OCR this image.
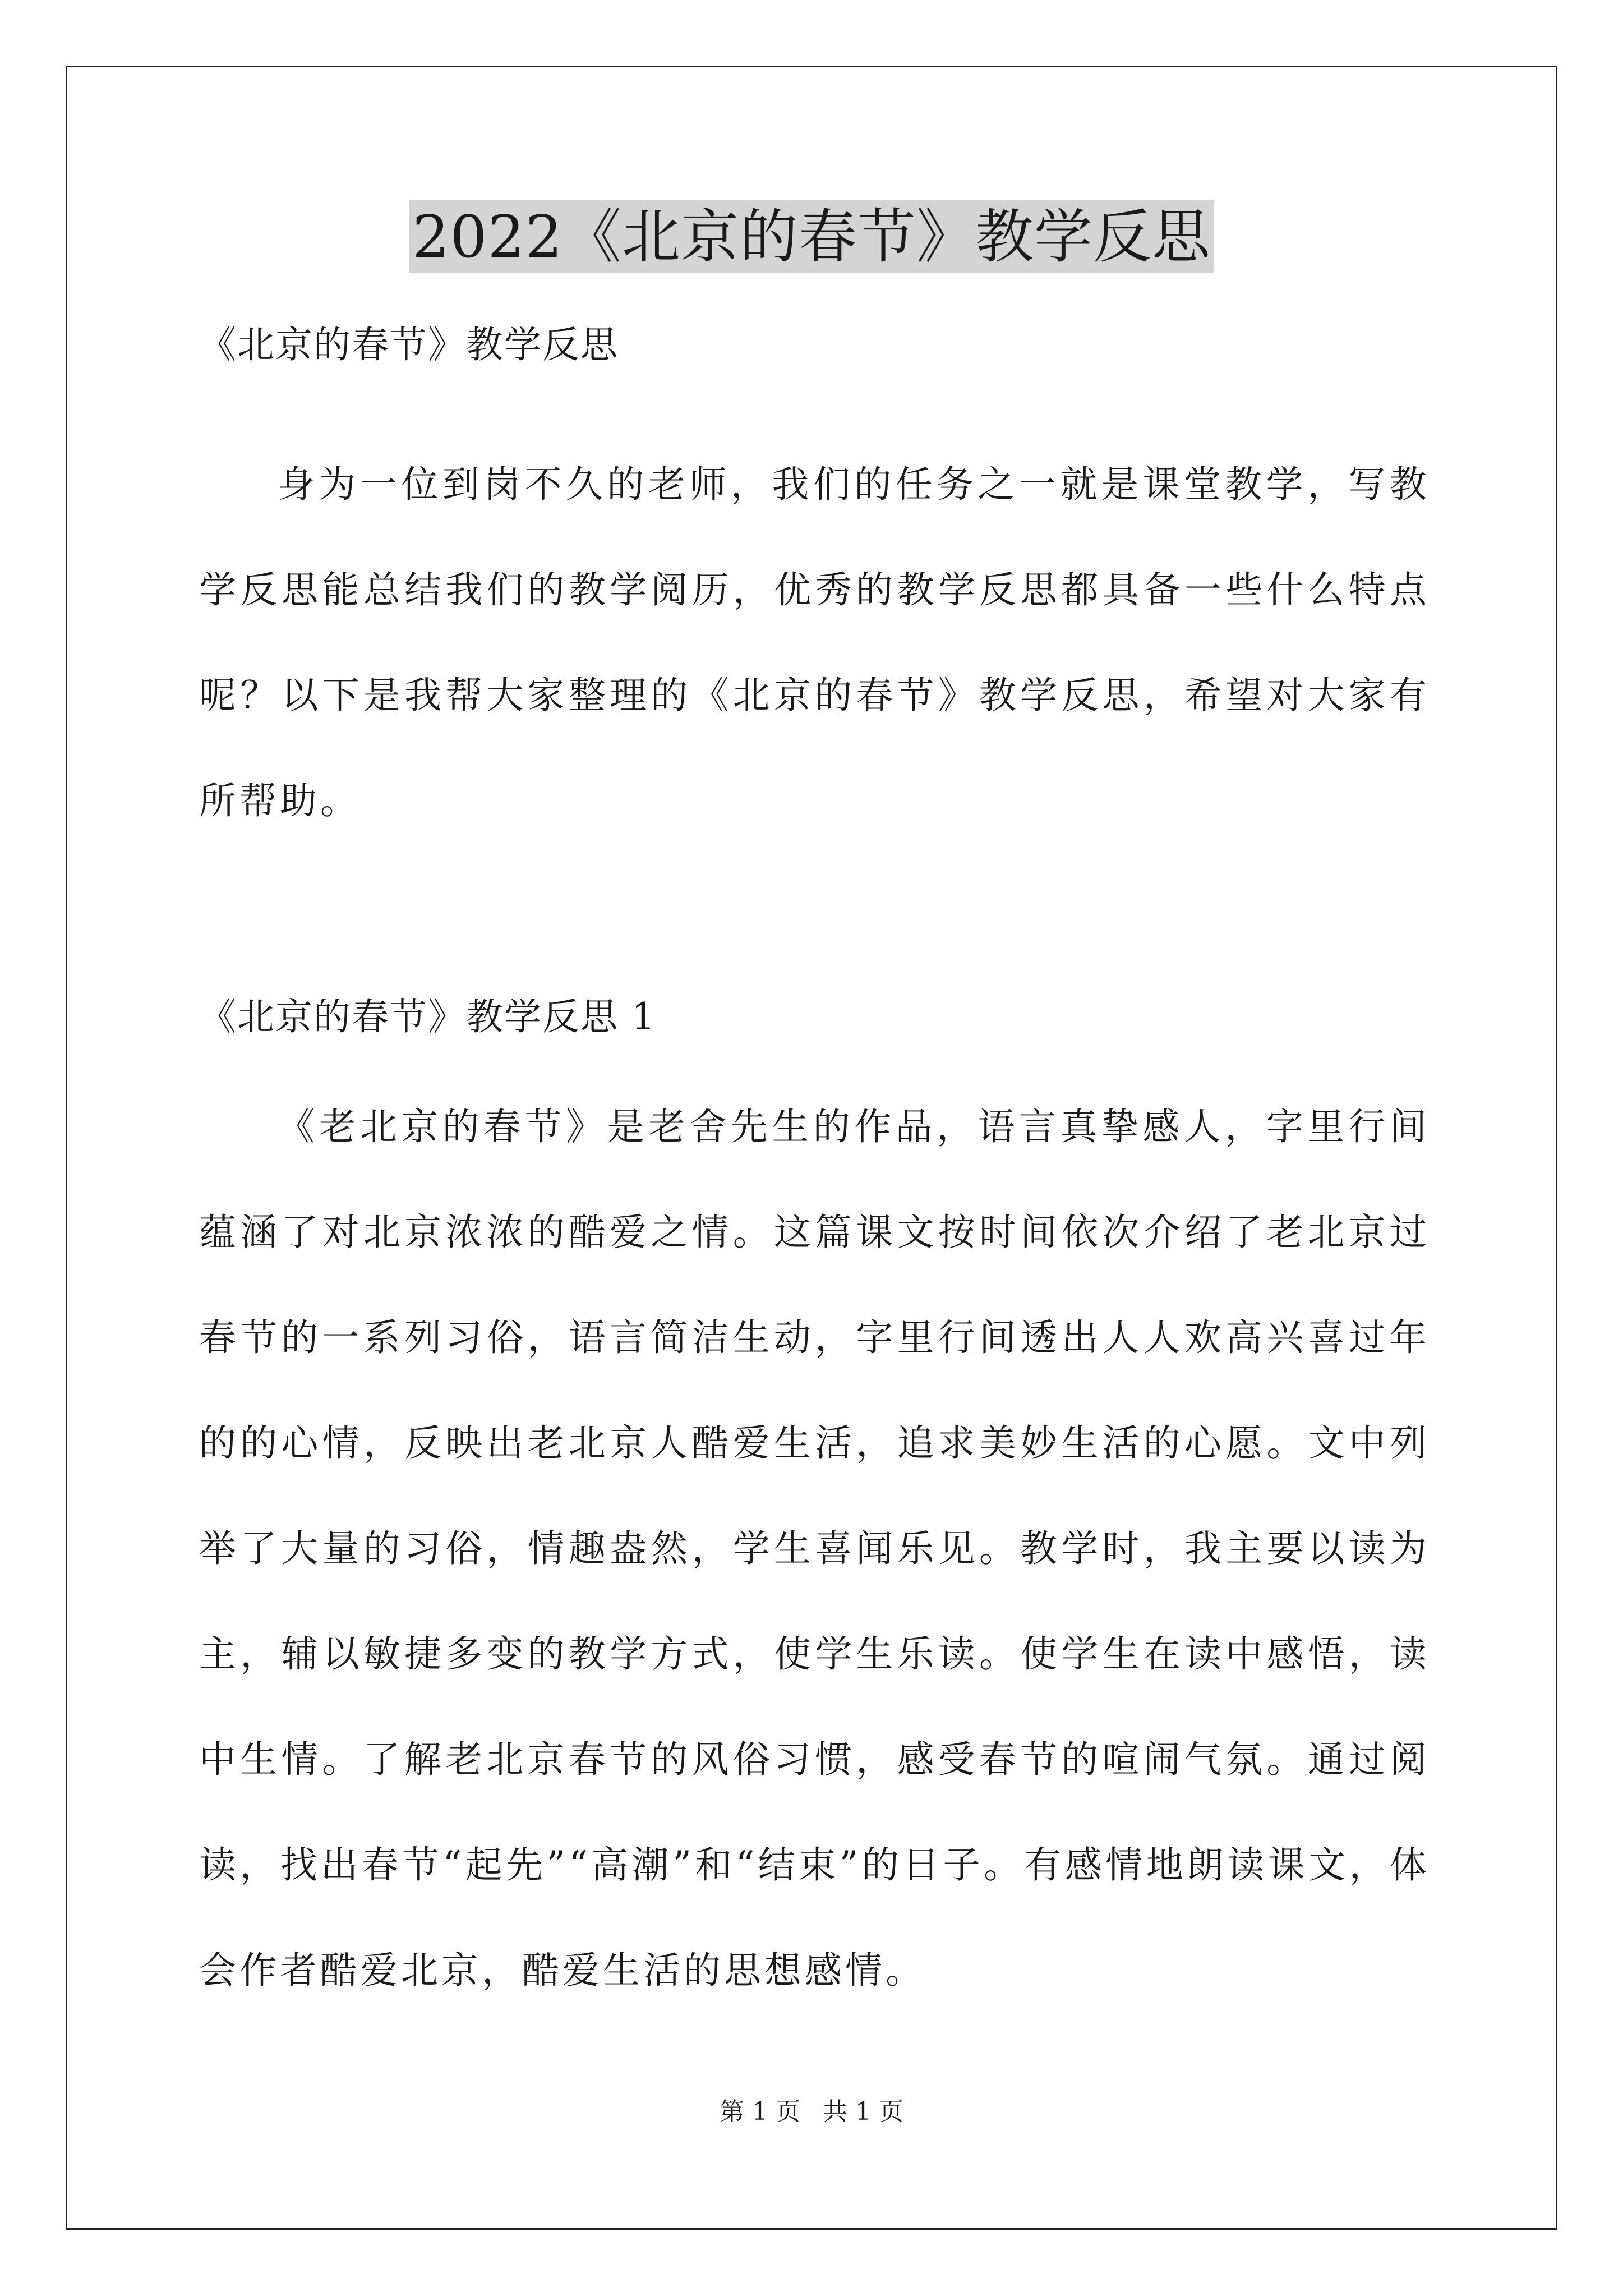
2022《北京的春节》教学反思

《北京的春节》教学反思

身为一位到岗不久的老师，我们的任务之一就是课堂教学，写教学反思能总结我们的教学阅历，优秀的教学反思都具备一些什么特点呢？以下是我帮大家整理的《北京的春节》教学反思，希望对大家有所帮助。

《北京的春节》教学反思 1

《老北京的春节》是老舍先生的作品，语言真挚感人，字里行间蕴涵了对北京浓浓的酷爱之情。这篇课文按时间依次介绍了老北京过春节的一系列习俗，语言简洁生动，字里行间透出人人欢高兴喜过年的的心情，反映出老北京人酷爱生活，追求美妙生活的心愿。文中列举了大量的习俗，情趣盎然，学生喜闻乐见。教学时，我主要以读为主，辅以敏捷多变的教学方式，使学生乐读。使学生在读中感悟，读中生情。了解老北京春节的风俗习惯，感受春节的喧闹气氛。通过阅读，找出春节“起先”“高潮”和“结束”的日子。有感情地朗读课文，体会作者酷爱北京，酷爱生活的思想感情。

第 1 页 共 1 页
